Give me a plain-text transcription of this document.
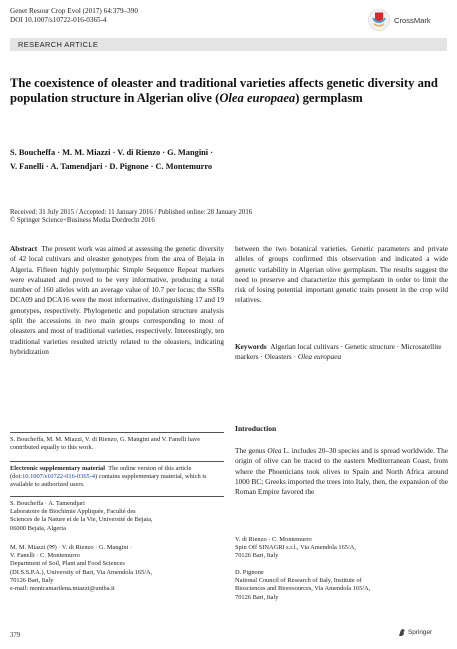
Genet Resour Crop Evol (2017) 64:379–390
DOI 10.1007/s10722-016-0365-4	CrossMark
RESEARCH ARTICLE
The coexistence of oleaster and traditional varieties affects genetic diversity and population structure in Algerian olive (Olea europaea) germplasm
S. Boucheffa · M. M. Miazzi · V. di Rienzo · G. Mangini ·
V. Fanelli · A. Tamendjari · D. Pignone · C. Montemurro
Received: 31 July 2015 / Accepted: 11 January 2016 / Published online: 28 January 2016
© Springer Science+Business Media Dordrecht 2016
Abstract The present work was aimed at assessing the genetic diversity of 42 local cultivars and oleaster genotypes from the area of Bejaia in Algeria. Fifteen highly polymorphic Simple Sequence Repeat markers were evaluated and proved to be very informative, producing a total number of 160 alleles with an average value of 10.7 per locus; the SSRs DCA09 and DCA16 were the most informative, distinguishing 17 and 19 genotypes, respectively. Phylogenetic and population structure analysis split the accessions in two main groups corresponding to most of oleasters and most of traditional varieties, respectively. Interestingly, ten traditional varieties resulted strictly related to the oleasters, indicating hybridization
between the two botanical varieties. Genetic parameters and private alleles of groups confirmed this observation and indicated a wide genetic variability in Algerian olive germplasm. The results suggest the need to preserve and characterize this germplasm in order to limit the risk of losing potential important genetic traits present in the crop wild relatives.
Keywords Algerian local cultivars · Genetic structure · Microsatellite markers · Oleasters · Olea europaea
Introduction
The genus Olea L. includes 20–30 species and is spread worldwide. The origin of olive can be traced to the eastern Mediterranean Coast, from where the Phoenicians took olives to Spain and North Africa around 1000 BC; Greeks imported the trees into Italy, then, the expansion of the Roman Empire favored the
S. Boucheffa, M. M. Miazzi, V. di Rienzo, G. Mangini and V. Fanelli have contributed equally to this work.
Electronic supplementary material The online version of this article (doi:10.1007/s10722-016-0365-4) contains supplementary material, which is available to authorized users.
S. Boucheffa · A. Tamendjari
Laboratoire de Biochimie Appliquée, Faculté des
Sciences de la Nature et de la Vie, Université de Bejaia,
06000 Bejaïa, Algeria
M. M. Miazzi (✉) · V. di Rienzo · G. Mangini ·
V. Fanelli · C. Montemurro
Department of Soil, Plant and Food Sciences
(DI.S.S.P.A.), University of Bari, Via Amendola 165/A,
70126 Bari, Italy
e-mail: monicamarilena.miazzi@uniba.it
V. di Rienzo · C. Montemurro
Spin Off SINAGRI s.r.l., Via Amendola 165/A,
70126 Bari, Italy
D. Pignone
National Council of Research of Italy, Institute of
Biosciences and Bioresources, Via Amendola 165/A,
70126 Bari, Italy
379	Springer
